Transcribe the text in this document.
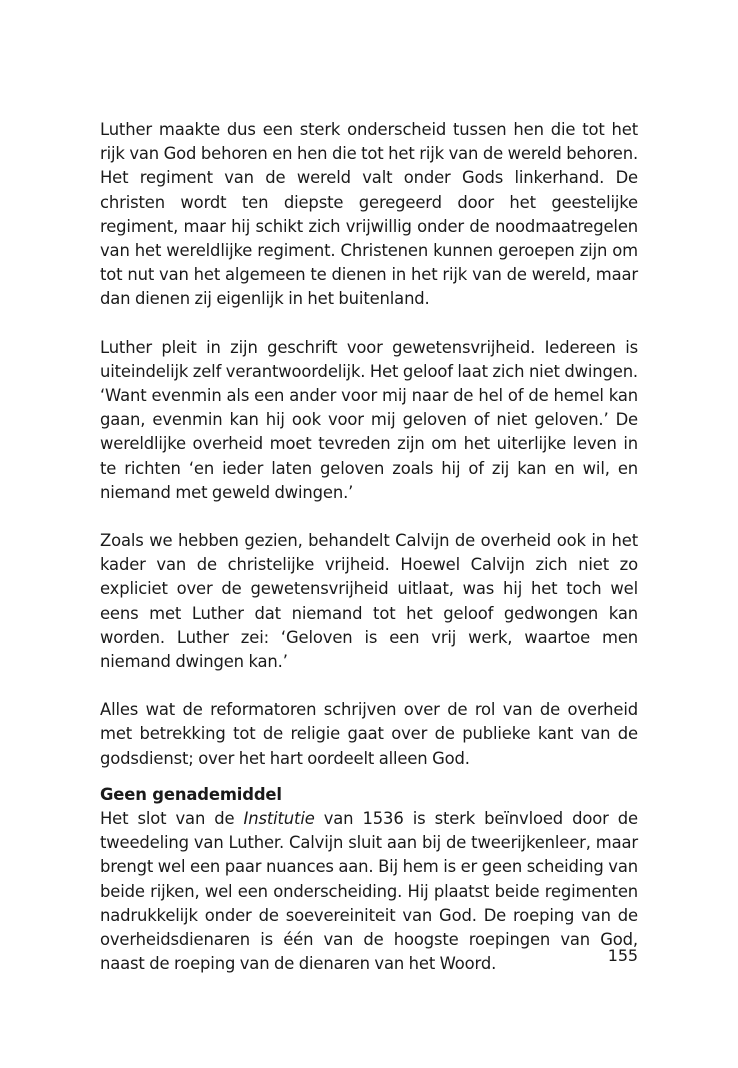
Luther maakte dus een sterk onderscheid tussen hen die tot het rijk van God behoren en hen die tot het rijk van de wereld behoren. Het regiment van de wereld valt onder Gods linkerhand. De christen wordt ten diepste geregeerd door het geestelijke regiment, maar hij schikt zich vrijwillig onder de noodmaatregelen van het wereldlijke regiment. Christenen kunnen geroepen zijn om tot nut van het algemeen te dienen in het rijk van de wereld, maar dan dienen zij eigenlijk in het buitenland.

Luther pleit in zijn geschrift voor gewetensvrijheid. Iedereen is uiteindelijk zelf verantwoordelijk. Het geloof laat zich niet dwingen. ‘Want evenmin als een ander voor mij naar de hel of de hemel kan gaan, evenmin kan hij ook voor mij geloven of niet geloven.’ De wereldlijke overheid moet tevreden zijn om het uiterlijke leven in te richten ‘en ieder laten geloven zoals hij of zij kan en wil, en niemand met geweld dwingen.’

Zoals we hebben gezien, behandelt Calvijn de overheid ook in het kader van de christelijke vrijheid. Hoewel Calvijn zich niet zo expliciet over de gewetensvrijheid uitlaat, was hij het toch wel eens met Luther dat niemand tot het geloof gedwongen kan worden. Luther zei: ‘Geloven is een vrij werk, waartoe men niemand dwingen kan.’

Alles wat de reformatoren schrijven over de rol van de overheid met betrekking tot de religie gaat over de publieke kant van de godsdienst; over het hart oordeelt alleen God.

Geen genademiddel

Het slot van de Institutie van 1536 is sterk beïnvloed door de tweedeling van Luther. Calvijn sluit aan bij de tweerijkenleer, maar brengt wel een paar nuances aan. Bij hem is er geen scheiding van beide rijken, wel een onderscheiding. Hij plaatst beide regimenten nadrukkelijk onder de soevereiniteit van God. De roeping van de overheidsdienaren is één van de hoogste roepingen van God, naast de roeping van de dienaren van het Woord.	155
